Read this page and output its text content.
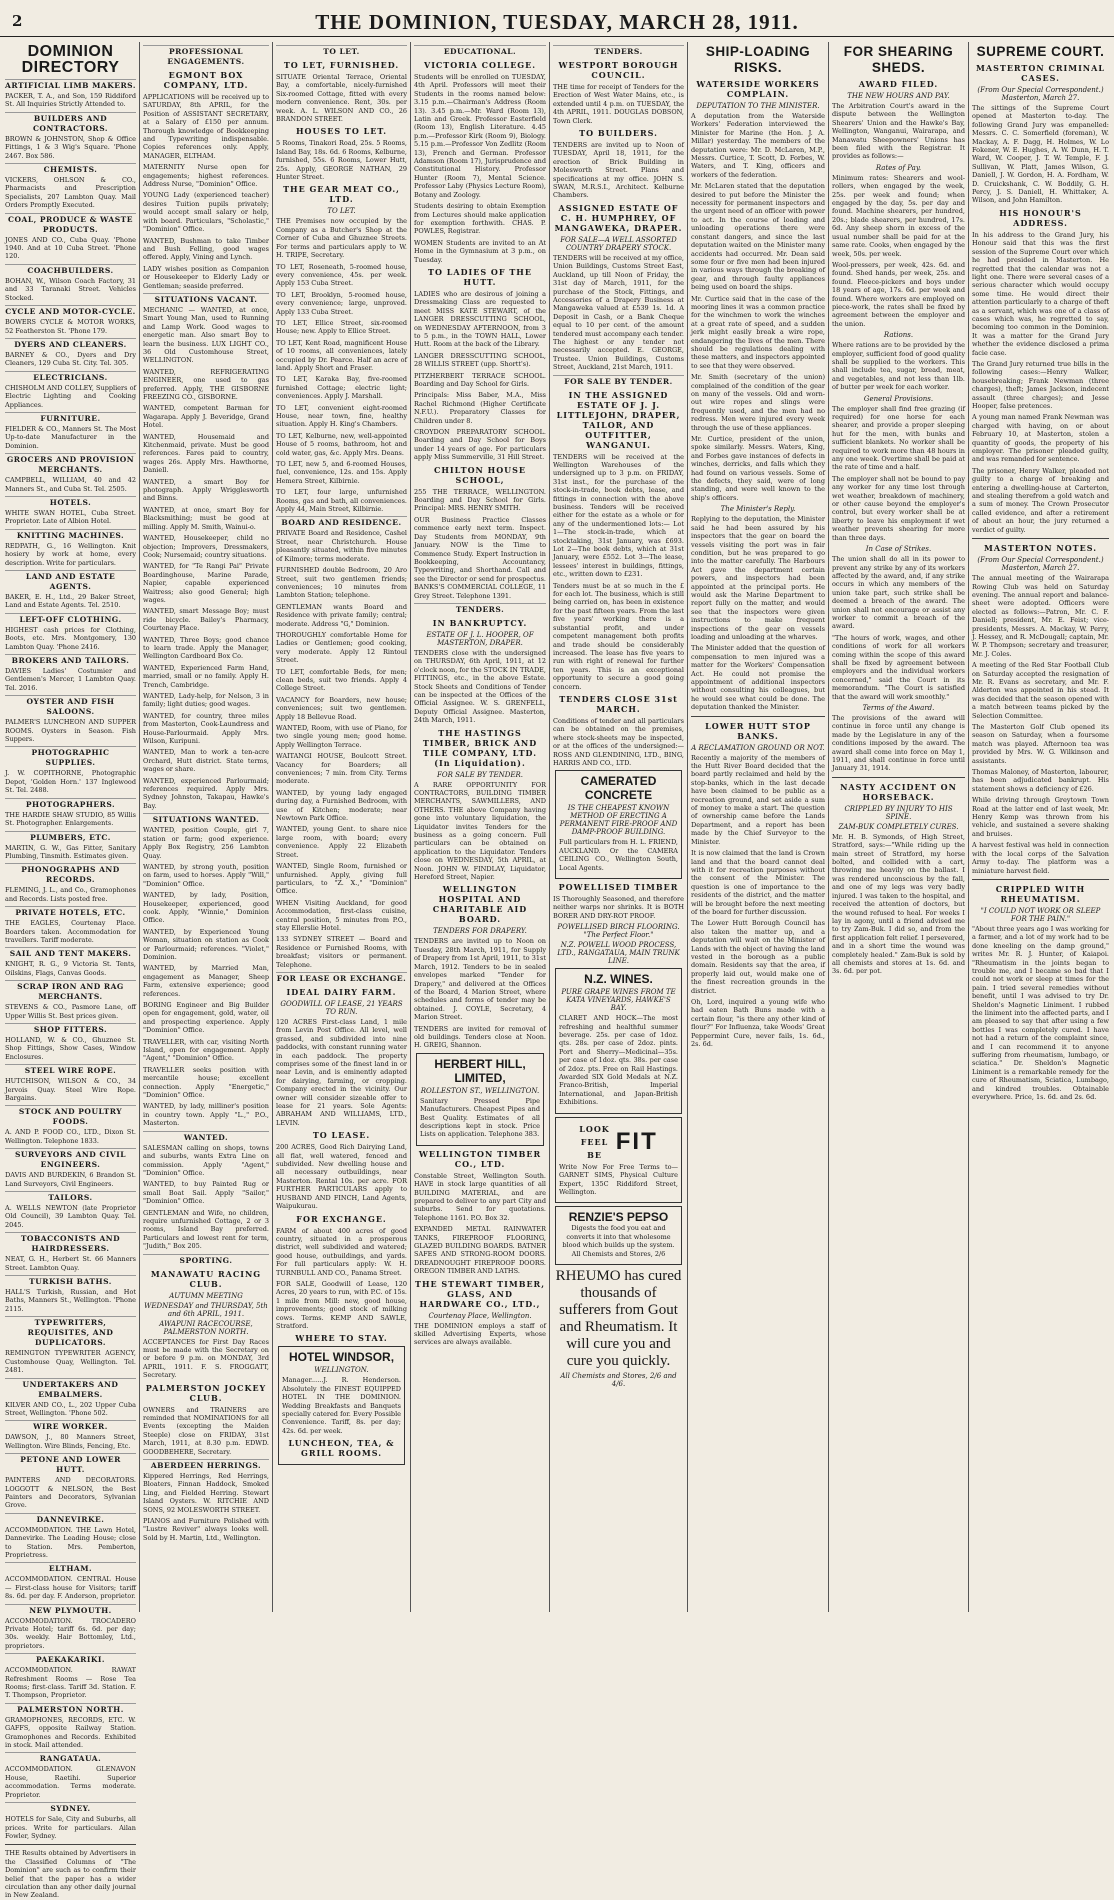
2	THE DOMINION, TUESDAY, MARCH 28, 1911.
DOMINION DIRECTORY
ARTIFICIAL LIMB MAKERS.
PACKER, T. A., and Son, 159 Riddiford St. All Inquiries Strictly Attended to.
BUILDERS AND CONTRACTORS.
BROWN & JOHNSTON, Shop & Office Fittings, 1 & 3 Wig's Square. 'Phone 2467. Box 586.
CHEMISTS.
VICKERS, OHLSON & CO., Pharmacists and Prescription Specialists, 207 Lambton Quay. Mail Orders Promptly Executed.
COAL, PRODUCE & WASTE PRODUCTS.
JONES AND CO., Cuba Quay. 'Phone 1940. And at 10 Cuba Street. 'Phone 120.
COACHBUILDERS.
BOHAN, W., Wilson Coach Factory, 31 and 33 Taranaki Street. Vehicles Stocked.
CYCLE AND MOTOR-CYCLE.
BOWERS CYCLE & MOTOR WORKS, 52 Featherston St. 'Phone 179.
DYERS AND CLEANERS.
BARNEY & CO., Dyers and Dry Cleaners, 129 Cuba St. City. Tel. 305.
ELECTRICIANS.
CHISHOLM AND COLLEY, Suppliers of Electric Lighting and Cooking Appliances.
FURNITURE.
FIELDER & CO., Manners St. The Most Up-to-date Manufacturer in the Dominion.
GROCERS AND PROVISION MERCHANTS.
CAMPBELL, WILLIAM, 40 and 42 Manners St., and Cuba St. Tel. 2505.
HOTELS.
WHITE SWAN HOTEL, Cuba Street. Proprietor. Late of Albion Hotel.
KNITTING MACHINES.
REDPATH, G., 16 Wellington. Knit hosiery by work at home, every description. Write for particulars.
LAND AND ESTATE AGENTS.
BAKER, E. H., Ltd., 29 Baker Street, Land and Estate Agents. Tel. 2510.
LEFT-OFF CLOTHING.
HIGHEST cash prices for Clothing, Boots, etc. Mrs. Montgomery, 130 Lambton Quay. 'Phone 2416.
BROKERS AND TAILORS.
DAVIES Ladies' Costumier and Gentlemen's Mercer, 1 Lambton Quay. Tel. 2016.
OYSTER AND FISH SALOONS.
PALMER'S LUNCHEON AND SUPPER ROOMS. Oysters in Season. Fish Suppers.
PHOTOGRAPHIC SUPPLIES.
J. W. COPITHORNE, Photographic Depot, 'Golden Horn.' 137 Inglewood St. Tel. 2488.
PHOTOGRAPHERS.
THE HARDIE SHAW STUDIO, 85 Willis St. Photographer. Enlargements.
PLUMBERS, ETC.
MARTIN, G. W., Gas Fitter, Sanitary Plumbing, Tinsmith. Estimates given.
PHONOGRAPHS AND RECORDS.
FLEMING, J. L., and Co., Gramophones and Records. Lists posted free.
PRIVATE HOTELS, ETC.
THE EAGLES, Courtenay Place. Boarders taken. Accommodation for travellers. Tariff moderate.
SAIL AND TENT MAKERS.
KNIGHT, R. G., 9 Victoria St. Tents, Oilskins, Flags, Canvas Goods.
SCRAP IRON AND RAG MERCHANTS.
STEVENS & CO., Pasmore Lane, off Upper Willis St. Best prices given.
SHOP FITTERS.
HOLLAND, W. & CO., Ghuznee St. Shop Fittings, Show Cases, Window Enclosures.
STEEL WIRE ROPE.
HUTCHISON, WILSON & CO., 34 Jervois Quay. Steel Wire Rope. Bargains.
STOCK AND POULTRY FOODS.
A. AND P. FOOD CO., LTD., Dixon St. Wellington. Telephone 1833.
SURVEYORS AND CIVIL ENGINEERS.
DAVIS AND BURDEKIN, 6 Brandon St. Land Surveyors, Civil Engineers.
TAILORS.
A. WELLS NEWTON (late Proprietor Old Council), 39 Lambton Quay. Tel. 2045.
TOBACCONISTS AND HAIRDRESSERS.
NEAT, G. H., Herbert St. 66 Manners Street. Lambton Quay.
TURKISH BATHS.
HALL'S Turkish, Russian, and Hot Baths, Manners St., Wellington. 'Phone 2115.
TYPEWRITERS, REQUISITES, AND DUPLICATORS.
REMINGTON TYPEWRITER AGENCY, Customhouse Quay, Wellington. Tel. 2481.
UNDERTAKERS AND EMBALMERS.
KILVER AND CO., L., 202 Upper Cuba Street, Wellington. 'Phone 502.
WIRE WORKER.
DAWSON, J., 80 Manners Street, Wellington. Wire Blinds, Fencing, Etc.
PETONE AND LOWER HUTT.
PAINTERS AND DECORATORS. LOGGOTT & NELSON, the Best Painters and Decorators, Sylvanian Grove.
DANNEVIRKE.
ACCOMMODATION. THE Lawn Hotel, Dannevirke. The Leading House; close to Station. Mrs. Pemberton, Proprietress.
ELTHAM.
ACCOMMODATION. CENTRAL House — First-class house for Visitors; tariff 8s. 6d. per day. F. Anderson, proprietor.
NEW PLYMOUTH.
ACCOMMODATION. TROCADERO Private Hotel; tariff 6s. 6d. per day; 30s. weekly. Hair Bottomley, Ltd., proprietors.
PAEKAKARIKI.
ACCOMMODATION. RAWAT Refreshment Rooms — Rose Tea Rooms; first-class. Tariff 3d. Station. F. T. Thompson, Proprietor.
PALMERSTON NORTH.
GRAMOPHONES, RECORDS, ETC. W. GAFFS, opposite Railway Station. Gramophones and Records. Exhibited in stock. Mail attended.
RANGATAUA.
ACCOMMODATION. GLENAVON House, Raetihi. Superior accommodation. Terms moderate. Proprietor.
SYDNEY.
HOTELS for Sale, City and Suburbs, all prices. Write for particulars. Ailan Fowler, Sydney.
THE Results obtained by Advertisers in the Classified Columns of "The Dominion" are such as to confirm their belief that the paper has a wider circulation than any other daily journal in New Zealand.
PROFESSIONAL ENGAGEMENTS.
EGMONT BOX COMPANY, LTD.
APPLICATIONS will be received up to SATURDAY, 8th APRIL, for the Position of ASSISTANT SECRETARY, at a Salary of £150 per annum. Thorough knowledge of Bookkeeping and Typewriting indispensable. Copies references only. Apply, MANAGER, ELTHAM.
MATERNITY Nurse open for engagements; highest references. Address Nurse, "Dominion" Office.
YOUNG Lady (experienced teacher) desires Tuition pupils privately; would accept small salary or help, with board. Particulars, "Scholastic," "Dominion" Office.
WANTED, Bushman to take Timber and Bush Felling, good wages offered. Apply, Vining and Lynch.
LADY wishes position as Companion or Housekeeper to Elderly Lady or Gentleman; seaside preferred.
SITUATIONS VACANT.
MECHANIC — WANTED, at once, Smart Young Man, used to Running and Lamp Work. Good wages to energetic man. Also smart Boy to learn the business. LUX LIGHT CO., 36 Old Customhouse Street, WELLINGTON.
WANTED, REFRIGERATING ENGINEER, one used to gas preferred. Apply, THE GISBORNE FREEZING CO., GISBORNE.
WANTED, competent Barman for Wagarapa. Apply J. Beveridge, Grand Hotel.
WANTED, Housemaid and Kitchenmaid, private. Must be good references. Fares paid to country, wages 26s. Apply Mrs. Hawthorne, Daniell.
WANTED, a smart Boy for photograph. Apply Wrigglesworth and Binns.
WANTED, at once, smart Boy for Blacksmithing; must be good at milling. Apply M. Smith, Wainui-o.
WANTED, Housekeeper, child no objection; Improvers, Dressmakers, Cook; Nursemaid; country situations.
WANTED, for "Te Rangi Pai" Private Boardinghouse, Marine Parade, Napier, capable experienced Waitress; also good General; high wages.
WANTED, smart Message Boy; must ride bicycle. Bailey's Pharmacy, Courtenay Place.
WANTED, Three Boys; good chance to learn trade. Apply the Manager, Wellington Cardboard Box Co.
WANTED, Experienced Farm Hand, married, small or no family. Apply H. Trench, Cambridge.
WANTED, Lady-help, for Nelson, 3 in family; light duties; good wages.
WANTED, for country, three miles from Masterton, Cook-Laundress and House-Parlourmaid. Apply Mrs. Wilson, Kuripuni.
WANTED, Man to work a ten-acre Orchard, Hutt district. State terms, wages or share.
WANTED, experienced Parlourmaid; references required. Apply Mrs. Sydney Johnston, Takapau, Hawke's Bay.
SITUATIONS WANTED.
WANTED, position Couple, girl 7, station or farm; good experience. Apply Box Registry, 256 Lambton Quay.
WANTED, by strong youth, position on farm, used to horses. Apply "Will," "Dominion" Office.
WANTED, by lady, Position, Housekeeper, experienced, good cook. Apply, "Winnie," Dominion Office.
WANTED, by Experienced Young Woman, situation on station as Cook or Parlourmaid; references. "Violet," Dominion.
WANTED, by Married Man, engagement as Manager, Sheep Farm, extensive experience; good references.
BORING Engineer and Big Builder open for engagement, gold, water, oil and prospecting experience. Apply "Dominion" Office.
TRAVELLER, with car, visiting North Island, open for engagement. Apply "Agent," "Dominion" Office.
TRAVELLER seeks position with mercantile house; excellent connection. Apply "Energetic," "Dominion" Office.
WANTED, by lady, milliner's position in country town. Apply "L.," P.O., Masterton.
WANTED.
SALESMAN calling on shops, towns and suburbs, wants Extra Line on commission. Apply "Agent," "Dominion" Office.
WANTED, to buy Painted Rug or small Boat Sail. Apply "Sailor," "Dominion" Office.
GENTLEMAN and Wife, no children, require unfurnished Cottage, 2 or 3 rooms, Island Bay preferred. Particulars and lowest rent for term, "Judith," Box 205.
SPORTING.
MANAWATU RACING CLUB.
AUTUMN MEETING
WEDNESDAY and THURSDAY, 5th and 6th APRIL, 1911.
AWAPUNI RACECOURSE, PALMERSTON NORTH.
ACCEPTANCES for First Day Races must be made with the Secretary on or before 9 p.m. on MONDAY, 3rd APRIL, 1911. F. S. FROGGATT, Secretary.
PALMERSTON JOCKEY CLUB.
OWNERS and TRAINERS are reminded that NOMINATIONS for all Events (excepting the Maiden Steeple) close on FRIDAY, 31st March, 1911, at 8.30 p.m. EDWD. GOODBEHERE, Secretary.
ABERDEEN HERRINGS.
Kippered Herrings, Red Herrings, Bloaters, Finnan Haddock, Smoked Ling, and Fielded Herring. Stewart Island Oysters. W. RITCHIE AND SONS, 92 MOLESWORTH STREET.
PIANOS and Furniture Polished with "Lustre Reviver" always looks well. Sold by H. Martin, Ltd., Wellington.
TO LET.
TO LET, FURNISHED.
SITUATE Oriental Terrace, Oriental Bay, a comfortable, nicely-furnished Six-roomed Cottage, fitted with every modern convenience. Rent, 30s. per week. A. L. WILSON AND CO., 26 BRANDON STREET.
HOUSES TO LET.
5 Rooms, Tinakori Road, 25s. 5 Rooms, Island Bay, 18s. 6d. 6 Rooms, Kelburne, furnished, 55s. 6 Rooms, Lower Hutt, 25s. Apply, GEORGE NATHAN, 29 Hunter Street.
THE GEAR MEAT CO., LTD.
TO LET.
THE Premises now occupied by the Company as a Butcher's Shop at the Corner of Cuba and Ghuznee Streets. For terms and particulars apply to W. H. TRIPE, Secretary.
TO LET, Roseneath, 5-roomed house, every convenience, 45s. per week. Apply 153 Cuba Street.
TO LET, Brooklyn, 5-roomed house, every convenience; large, unproved. Apply 133 Cuba Street.
TO LET, Ellice Street, six-roomed House; new. Apply to Ellice Street.
TO LET, Kent Road, magnificent House of 10 rooms, all conveniences, lately occupied by Dr. Pearce. Half an acre of land. Apply Short and Fraser.
TO LET, Karaka Bay, five-roomed furnished Cottage; electric light; conveniences. Apply J. Marshall.
TO LET, convenient eight-roomed House, near town, fine, healthy situation. Apply H. King's Chambers.
TO LET, Kelburne, new, well-appointed House of 5 rooms, bathroom, hot and cold water, gas, &c. Apply Mrs. Deans.
TO LET, new 5, and 6-roomed Houses, fuel, convenience, 12s. and 15s. Apply Hemera Street, Kilbirnie.
TO LET, four large, unfurnished Rooms, gas and bath, all conveniences. Apply 44, Main Street, Kilbirnie.
BOARD AND RESIDENCE.
PRIVATE Board and Residence, Cashel Street, near Christchurch. House pleasantly situated, within five minutes of Kilmore; terms moderate.
FURNISHED double Bedroom, 20 Aro Street, suit two gentlemen friends; conveniences; 10 minutes from Lambton Station; telephone.
GENTLEMAN wants Board and Residence with private family; central; moderate. Address "G," Dominion.
THOROUGHLY comfortable Home for Ladies or Gentlemen; good cooking, very moderate. Apply 12 Rintoul Street.
TO LET, comfortable Beds, for men; clean beds, suit two friends. Apply 4 College Street.
VACANCY for Boarders, new house; conveniences; suit two gentlemen. Apply 18 Bellevue Road.
WANTED, Room, with use of Piano, for two single young men; good home. Apply Wellington Terrace.
WAITANGI HOUSE, Boulcott Street. Vacancy for Boarders; all conveniences; 7 min. from City. Terms moderate.
WANTED, by young lady engaged during day, a Furnished Bedroom, with use of Kitchen; moderate; near Newtown Park Office.
WANTED, young Gent. to share nice large room, with board; every convenience. Apply 22 Elizabeth Street.
WANTED, Single Room, furnished or unfurnished. Apply, giving full particulars, to "Z. X.," "Dominion" Office.
WHEN Visiting Auckland, for good Accommodation, first-class cuisine, central position, 5 minutes from P.O., stay Ellerslie Hotel.
133 SYDNEY STREET — Board and Residence or Furnished Rooms, with breakfast; visitors or permanent. Telephone.
FOR LEASE OR EXCHANGE.
IDEAL DAIRY FARM.
GOODWILL OF LEASE, 21 YEARS TO RUN.
120 ACRES First-class Land, 1 mile from Levin Post Office. All level, well grassed, and subdivided into nine paddocks, with constant running water in each paddock. The property comprises some of the finest land in or near Levin, and is eminently adapted for dairying, farming, or cropping. Company erected in the vicinity. Our owner will consider sizeable offer to lease for 21 years. Sole Agents: ABRAHAM AND WILLIAMS, LTD., LEVIN.
TO LEASE.
200 ACRES, Good Rich Dairying Land, all flat, well watered, fenced and subdivided. New dwelling house and all necessary outbuildings, near Masterton. Rental 10s. per acre. FOR FURTHER PARTICULARS apply to HUSBAND AND FINCH, Land Agents, Waipukurau.
FOR EXCHANGE.
FARM of about 400 acres of good country, situated in a prosperous district, well subdivided and watered; good house, outbuildings, and yards. For full particulars apply: W. H. TURNBULL AND CO., Panama Street.
FOR SALE, Goodwill of Lease, 120 Acres, 20 years to run, with P.C. of 15s. 1 mile from Mill: new, good house, improvements; good stock of milking cows. Terms. KEMP AND SAWLE, Stratford.
WHERE TO STAY.
HOTEL WINDSOR,
WELLINGTON.
Manager......J. R. Henderson. Absolutely the FINEST EQUIPPED HOTEL IN THE DOMINION. Wedding Breakfasts and Banquets specially catered for. Every Possible Convenience. Tariff, 8s. per day; 42s. 6d. per week.
LUNCHEON, TEA, & GRILL ROOMS.
EDUCATIONAL.
VICTORIA COLLEGE.
Students will be enrolled on TUESDAY, 4th April. Professors will meet their Students in the rooms named below: 3.15 p.m.—Chairman's Address (Room 13). 3.45 p.m.—Mr. Ward (Room 13), Latin and Greek. Professor Easterfield (Room 13), English Literature. 4.45 p.m.—Professor Kirk (Room 9), Biology. 5.15 p.m.—Professor Von Zedlitz (Room 13), French and German. Professor Adamson (Room 17), Jurisprudence and Constitutional History. Professor Hunter (Room 7), Mental Science. Professor Laby (Physics Lecture Room), Botany and Zoology.
Students desiring to obtain Exemption from Lectures should make application for exemption forthwith. CHAS. P. POWLES, Registrar.
WOMEN Students are invited to an At Home in the Gymnasium at 3 p.m., on Tuesday.
TO LADIES OF THE HUTT.
LADIES who are desirous of joining a Dressmaking Class are requested to meet MISS KATE STEWART, of the LANGER DRESSCUTTING SCHOOL, on WEDNESDAY AFTERNOON, from 3 to 5 p.m., in the TOWN HALL, Lower Hutt. Room at the back of the Library.
LANGER DRESSCUTTING SCHOOL, 28 WILLIS STREET (upp. Shortt's).
PITZHERBERT TERRACE SCHOOL. Boarding and Day School for Girls.
Principals: Miss Baber, M.A., Miss Rachel Richmond (Higher Certificate N.F.U.). Preparatory Classes for Children under 8.
CROYDON PREPARATORY SCHOOL. Boarding and Day School for Boys under 14 years of age. For particulars apply Miss Summerville, 31 Hill Street.
CHILTON HOUSE SCHOOL,
255 THE TERRACE, WELLINGTON. Boarding and Day School for Girls. Principal: MRS. HENRY SMITH.
OUR Business Practice Classes commence early next term. Inspect. Day Students from MONDAY, 9th January. NOW is the Time to Commence Study. Expert Instruction in Bookkeeping, Accountancy, Typewriting, and Shorthand. Call and see the Director or send for prospectus. BANKS'S COMMERCIAL COLLEGE, 11 Grey Street. Telephone 1391.
TENDERS.
IN BANKRUPTCY.
ESTATE OF J. L. HOOPER, OF MASTERTON, DRAPER.
TENDERS close with the undersigned on THURSDAY, 6th April, 1911, at 12 o'clock noon, for the STOCK IN TRADE, FITTINGS, etc., in the above Estate. Stock Sheets and Conditions of Tender can be inspected at the Offices of the Official Assignee. W. S. GRENFELL, Deputy Official Assignee. Masterton, 24th March, 1911.
THE HASTINGS TIMBER, BRICK AND TILE COMPANY, LTD. (In Liquidation).
FOR SALE BY TENDER.
A RARE OPPORTUNITY FOR CONTRACTORS, BUILDING TIMBER MERCHANTS, SAWMILLERS, AND OTHERS. THE above Company having gone into voluntary liquidation, the Liquidator invites Tenders for the business as a going concern. Full particulars can be obtained on application to the Liquidator. Tenders close on WEDNESDAY, 5th APRIL, at Noon. JOHN W. FINDLAY, Liquidator, Hereford Street, Napier.
WELLINGTON HOSPITAL AND CHARITABLE AID BOARD.
TENDERS FOR DRAPERY.
TENDERS are invited up to Noon on Tuesday, 28th March, 1911, for Supply of Drapery from 1st April, 1911, to 31st March, 1912. Tenders to be in sealed envelopes marked "Tender for Drapery," and delivered at the Offices of the Board, 4 Marion Street, where schedules and forms of tender may be obtained. J. COYLE, Secretary, 4 Marion Street.
TENDERS are invited for removal of old buildings. Tenders close at Noon. H. GREIG, Shannon.
HERBERT HILL, LIMITED,
ROLLESTON ST., WELLINGTON.
Sanitary Pressed Pipe Manufacturers. Cheapest Pipes and Best Quality. Estimates of all descriptions kept in stock. Price Lists on application. Telephone 383.
WELLINGTON TIMBER CO., LTD.
Constable Street, Wellington South. HAVE in stock large quantities of all BUILDING MATERIAL, and are prepared to deliver to any part City and suburbs. Send for quotations. Telephone 1161. P.O. Box 32.
EXPANDED METAL RAINWATER TANKS, FIREPROOF FLOORING, GLAZED BUILDING BOARDS. BATNER SAFES AND STRONG-ROOM DOORS. DREADNOUGHT FIREPROOF DOORS. OREGON TIMBER AND LATHS.
THE STEWART TIMBER, GLASS, AND HARDWARE CO., LTD.,
Courtenay Place, Wellington.
THE DOMINION employs a staff of skilled Advertising Experts, whose services are always available.
TENDERS.
WESTPORT BOROUGH COUNCIL.
THE time for receipt of Tenders for the Erection of West Water Mains, etc., is extended until 4 p.m. on TUESDAY, the 4th APRIL, 1911. DOUGLAS DOBSON, Town Clerk.
TO BUILDERS.
TENDERS are invited up to Noon of TUESDAY, April 18, 1911, for the erection of Brick Building in Molesworth Street. Plans and specifications at my office. JOHN S. SWAN, M.R.S.I., Architect. Kelburne Chambers.
ASSIGNED ESTATE OF C. H. HUMPHREY, OF MANGAWEKA, DRAPER.
FOR SALE—A WELL ASSORTED COUNTRY DRAPERY STOCK.
TENDERS will be received at my office, Union Buildings, Customs Street East, Auckland, up till Noon of Friday, the 31st day of March, 1911, for the purchase of the Stock, Fittings, and Accessories of a Drapery Business at Mangaweka valued at £539 1s. 1d. A Deposit in Cash, or a Bank Cheque equal to 10 per cent. of the amount tendered must accompany each tender. The highest or any tender not necessarily accepted. E. GEORGE, Trustee. Union Buildings, Customs Street, Auckland, 21st March, 1911.
FOR SALE BY TENDER.
IN THE ASSIGNED ESTATE OF J. J. LITTLEJOHN, DRAPER, TAILOR, AND OUTFITTER, WANGANUI.
TENDERS will be received at the Wellington Warehouses of the undersigned up to 3 p.m. on FRIDAY, 31st inst., for the purchase of the stock-in-trade, book debts, lease, and fittings in connection with the above business. Tenders will be received either for the estate as a whole or for any of the undermentioned lots:— Lot 1—The stock-in-trade, which at stocktaking, 31st January, was £693. Lot 2—The book debts, which at 31st January, were £552. Lot 3—The lease, lessees' interest in buildings, fittings, etc., written down to £231.
Tenders must be at so much in the £ for each lot. The business, which is still being carried on, has been in existence for the past fifteen years. From the last five years' working there is a substantial profit, and under competent management both profits and trade should be considerably increased. The lease has five years to run with right of renewal for further ten years. This is an exceptional opportunity to secure a good going concern.
TENDERS CLOSE 31st MARCH.
Conditions of tender and all particulars can be obtained on the premises, where stock-sheets may be inspected, or at the offices of the undersigned:— ROSS AND GLENDINING, LTD., BING, HARRIS AND CO., LTD.
CAMERATED CONCRETE
IS THE CHEAPEST KNOWN METHOD OF ERECTING A PERMANENT FIRE-PROOF AND DAMP-PROOF BUILDING.
Full particulars from H. L. FRIEND, AUCKLAND. Or the CAMERA CEILING CO., Wellington South, Local Agents.
POWELLISED TIMBER
IS Thoroughly Seasoned, and therefore neither warps nor shrinks. It is BOTH BORER AND DRY-ROT PROOF.
POWELLISED BIRCH FLOORING. "The Perfect Floor."
N.Z. POWELL WOOD PROCESS, LTD., RANGATAUA, MAIN TRUNK LINE.
N.Z. WINES.
PURE GRAPE WINES FROM TE KATA VINEYARDS, HAWKE'S BAY.
CLARET AND HOCK—The most refreshing and healthful summer beverage. 25s. per case of 1doz. qts. 28s. per case of 2doz. pints. Port and Sherry—Medicinal—35s. per case of 1doz. qts. 38s. per case of 2doz. pts. Free on Rail Hastings. Awarded SIX Gold Medals at N.Z. Franco-British, Imperial International, and Japan-British Exhibitions.
LOOK
FEEL
BE FIT
Write Now For Free Terms to— GARNET SIMS, Physical Culture Expert, 135C Riddiford Street, Wellington.
RENZIE'S PEPSO
Digests the food you eat and converts it into that wholesome blood which builds up the system. All Chemists and Stores, 2/6
RHEUMO has cured thousands of sufferers from Gout and Rheumatism. It will cure you and cure you quickly.
All Chemists and Stores, 2/6 and 4/6.
SHIP-LOADING RISKS.
WATERSIDE WORKERS COMPLAIN.
DEPUTATION TO THE MINISTER.
A deputation from the Waterside Workers' Federation interviewed the Minister for Marine (the Hon. J. A. Millar) yesterday. The members of the deputation were: Mr. D. McLaren, M.P., Messrs. Curtice, T. Scott, D. Forbes, W. Waters, and T. King, officers and workers of the federation.
Mr. McLaren stated that the deputation desired to put before the Minister the necessity for permanent inspectors and the urgent need of an officer with power to act. In the course of loading and unloading operations there were constant dangers, and since the last deputation waited on the Minister many accidents had occurred. Mr. Dean said some four or five men had been injured in various ways through the breaking of gear, and through faulty appliances being used on board the ships.
Mr. Curtice said that in the case of the mooring lines it was a common practice for the winchmen to work the winches at a great rate of speed, and a sudden jerk might easily break a wire rope, endangering the lives of the men. There should be regulations dealing with these matters, and inspectors appointed to see that they were observed.
Mr. Smith (secretary of the union) complained of the condition of the gear on many of the vessels. Old and worn-out wire ropes and slings were frequently used, and the men had no redress. Men were injured every week through the use of these appliances.
Mr. Curtice, president of the union, spoke similarly. Messrs. Waters, King, and Forbes gave instances of defects in winches, derricks, and falls which they had found on various vessels. Some of the defects, they said, were of long standing, and were well known to the ship's officers.
The Minister's Reply.
Replying to the deputation, the Minister said he had been assured by his inspectors that the gear on board the vessels visiting the port was in fair condition, but he was prepared to go into the matter carefully. The Harbours Act gave the department certain powers, and inspectors had been appointed at the principal ports. He would ask the Marine Department to report fully on the matter, and would see that the inspectors were given instructions to make frequent inspections of the gear on vessels loading and unloading at the wharves.
The Minister added that the question of compensation to men injured was a matter for the Workers' Compensation Act. He could not promise the appointment of additional inspectors without consulting his colleagues, but he would see what could be done. The deputation thanked the Minister.
LOWER HUTT STOP BANKS.
A RECLAMATION GROUND OR NOT.
Recently a majority of the members of the Hutt River Board decided that the board partly reclaimed and held by the stop-banks, which in the last decade have been claimed to be public as a recreation ground, and set aside a sum of money to make a start. The question of ownership came before the Lands Department, and a report has been made by the Chief Surveyor to the Minister.
It is now claimed that the land is Crown land and that the board cannot deal with it for recreation purposes without the consent of the Minister. The question is one of importance to the residents of the district, and the matter will be brought before the next meeting of the board for further discussion.
The Lower Hutt Borough Council has also taken the matter up, and a deputation will wait on the Minister of Lands with the object of having the land vested in the borough as a public domain. Residents say that the area, if properly laid out, would make one of the finest recreation grounds in the district.
Oh, Lord, inquired a young wife who had eaten Bath Buns made with a certain flour, "is there any other kind of flour?" For Influenza, take Woods' Great Peppermint Cure, never fails, 1s. 6d., 2s. 6d.
FOR SHEARING SHEDS.
AWARD FILED.
THE NEW HOURS AND PAY.
The Arbitration Court's award in the dispute between the Wellington Shearers' Union and the Hawke's Bay, Wellington, Wanganui, Wairarapa, and Manawatu Sheepowners' Unions has been filed with the Registrar. It provides as follows:—
Rates of Pay.
Minimum rates: Shearers and wool-rollers, when engaged by the week, 25s. per week and found; when engaged by the day, 5s. per day and found. Machine shearers, per hundred, 20s.; blade shearers, per hundred, 17s. 6d. Any sheep shorn in excess of the usual number shall be paid for at the same rate. Cooks, when engaged by the week, 50s. per week.
Wool-pressers, per week, 42s. 6d. and found. Shed hands, per week, 25s. and found. Fleece-pickers and boys under 18 years of age, 17s. 6d. per week and found. Where workers are employed on piece-work, the rates shall be fixed by agreement between the employer and the union.
Rations.
Where rations are to be provided by the employer, sufficient food of good quality shall be supplied to the workers. This shall include tea, sugar, bread, meat, and vegetables, and not less than 1lb. of butter per week for each worker.
General Provisions.
The employer shall find free grazing (if required) for one horse for each shearer, and provide a proper sleeping hut for the men, with bunks and sufficient blankets. No worker shall be required to work more than 48 hours in any one week. Overtime shall be paid at the rate of time and a half.
The employer shall not be bound to pay any worker for any time lost through wet weather, breakdown of machinery, or other cause beyond the employer's control, but every worker shall be at liberty to leave his employment if wet weather prevents shearing for more than three days.
In Case of Strikes.
The union shall do all in its power to prevent any strike by any of its workers affected by the award, and, if any strike occurs in which any members of the union take part, such strike shall be deemed a breach of the award. The union shall not encourage or assist any worker to commit a breach of the award.
"The hours of work, wages, and other conditions of work for all workers coming within the scope of this award shall be fixed by agreement between employers and the individual workers concerned," said the Court in its memorandum. "The Court is satisfied that the award will work smoothly."
Terms of the Award.
The provisions of the award will continue in force until any change is made by the Legislature in any of the conditions imposed by the award. The award shall come into force on May 1, 1911, and shall continue in force until January 31, 1914.
NASTY ACCIDENT ON HORSEBACK.
CRIPPLED BY INJURY TO HIS SPINE.
ZAM-BUK COMPLETELY CURES.
Mr. H. B. Symonds, of High Street, Stratford, says:—"While riding up the main street of Stratford, my horse bolted, and collided with a cart, throwing me heavily on the ballast. I was rendered unconscious by the fall, and one of my legs was very badly injured. I was taken to the hospital, and received the attention of doctors, but the wound refused to heal. For weeks I lay in agony, until a friend advised me to try Zam-Buk. I did so, and from the first application felt relief. I persevered, and in a short time the wound was completely healed." Zam-Buk is sold by all chemists and stores at 1s. 6d. and 3s. 6d. per pot.
SUPREME COURT.
MASTERTON CRIMINAL CASES.
(From Our Special Correspondent.) Masterton, March 27.
The sittings of the Supreme Court opened at Masterton to-day. The following Grand Jury was empanelled: Messrs. C. C. Somerfield (foreman), W. Mackay, A. F. Dagg, H. Holmes, W. Lo Fokener, W. E. Hughes, A. W. Dunn, H. T. Ward, W. Cooper, J. T. W. Temple, F. J. Sullivan, W. Platt, James Wilson, G. Daniell, J. W. Gordon, H. A. Fordham, W. D. Cruickshank, C. W. Boddily, G. H. Percy, J. S. Daniell, H. Whittaker, A. Wilson, and John Hamilton.
HIS HONOUR'S ADDRESS.
In his address to the Grand Jury, his Honour said that this was the first session of the Supreme Court over which he had presided in Masterton. He regretted that the calendar was not a light one. There were several cases of a serious character which would occupy some time. He would direct their attention particularly to a charge of theft as a servant, which was one of a class of cases which was, he regretted to say, becoming too common in the Dominion. It was a matter for the Grand Jury whether the evidence disclosed a prima facie case.
The Grand Jury returned true bills in the following cases:—Henry Walker, housebreaking; Frank Newman (three charges), theft; James Jackson, indecent assault (three charges); and Jesse Hooper, false pretences.
A young man named Frank Newman was charged with having, on or about February 10, at Masterton, stolen a quantity of goods, the property of his employer. The prisoner pleaded guilty, and was remanded for sentence.
The prisoner, Henry Walker, pleaded not guilty to a charge of breaking and entering a dwelling-house at Carterton, and stealing therefrom a gold watch and a sum of money. The Crown Prosecutor called evidence, and after a retirement of about an hour, the jury returned a verdict of guilty.
MASTERTON NOTES.
(From Our Special Correspondent.) Masterton, March 27.
The annual meeting of the Wairarapa Rowing Club was held on Saturday evening. The annual report and balance-sheet were adopted. Officers were elected as follows:—Patron, Mr. C. F. Daniell; president, Mr. E. Feist; vice-presidents, Messrs. A. Mackay, W. Perry, J. Hessey, and R. McDougall; captain, Mr. W. P. Thompson; secretary and treasurer, Mr. J. Coles.
A meeting of the Red Star Football Club on Saturday accepted the resignation of Mr. R. Evans as secretary, and Mr. F. Alderton was appointed in his stead. It was decided that the season opened with a match between teams picked by the Selection Committee.
The Masterton Golf Club opened its season on Saturday, when a foursome match was played. Afternoon tea was provided by Mrs. W. G. Wilkinson and assistants.
Thomas Maloney, of Masterton, labourer, has been adjudicated bankrupt. His statement shows a deficiency of £26.
While driving through Greytown Town Road at the latter end of last week, Mr. Henry Kemp was thrown from his vehicle, and sustained a severe shaking and bruises.
A harvest festival was held in connection with the local corps of the Salvation Army to-day. The platform was a miniature harvest field.
CRIPPLED WITH RHEUMATISM.
"I COULD NOT WORK OR SLEEP FOR THE PAIN."
"About three years ago I was working for a farmer, and a lot of my work had to be done kneeling on the damp ground," writes Mr. R. J. Hunter, of Kaiapoi. "Rheumatism in the joints began to trouble me, and I became so bad that I could not work or sleep at times for the pain. I tried several remedies without benefit, until I was advised to try Dr. Sheldon's Magnetic Liniment. I rubbed the liniment into the affected parts, and I am pleased to say that after using a few bottles I was completely cured. I have not had a return of the complaint since, and I can recommend it to anyone suffering from rheumatism, lumbago, or sciatica." Dr. Sheldon's Magnetic Liniment is a remarkable remedy for the cure of Rheumatism, Sciatica, Lumbago, and kindred troubles. Obtainable everywhere. Price, 1s. 6d. and 2s. 6d.
